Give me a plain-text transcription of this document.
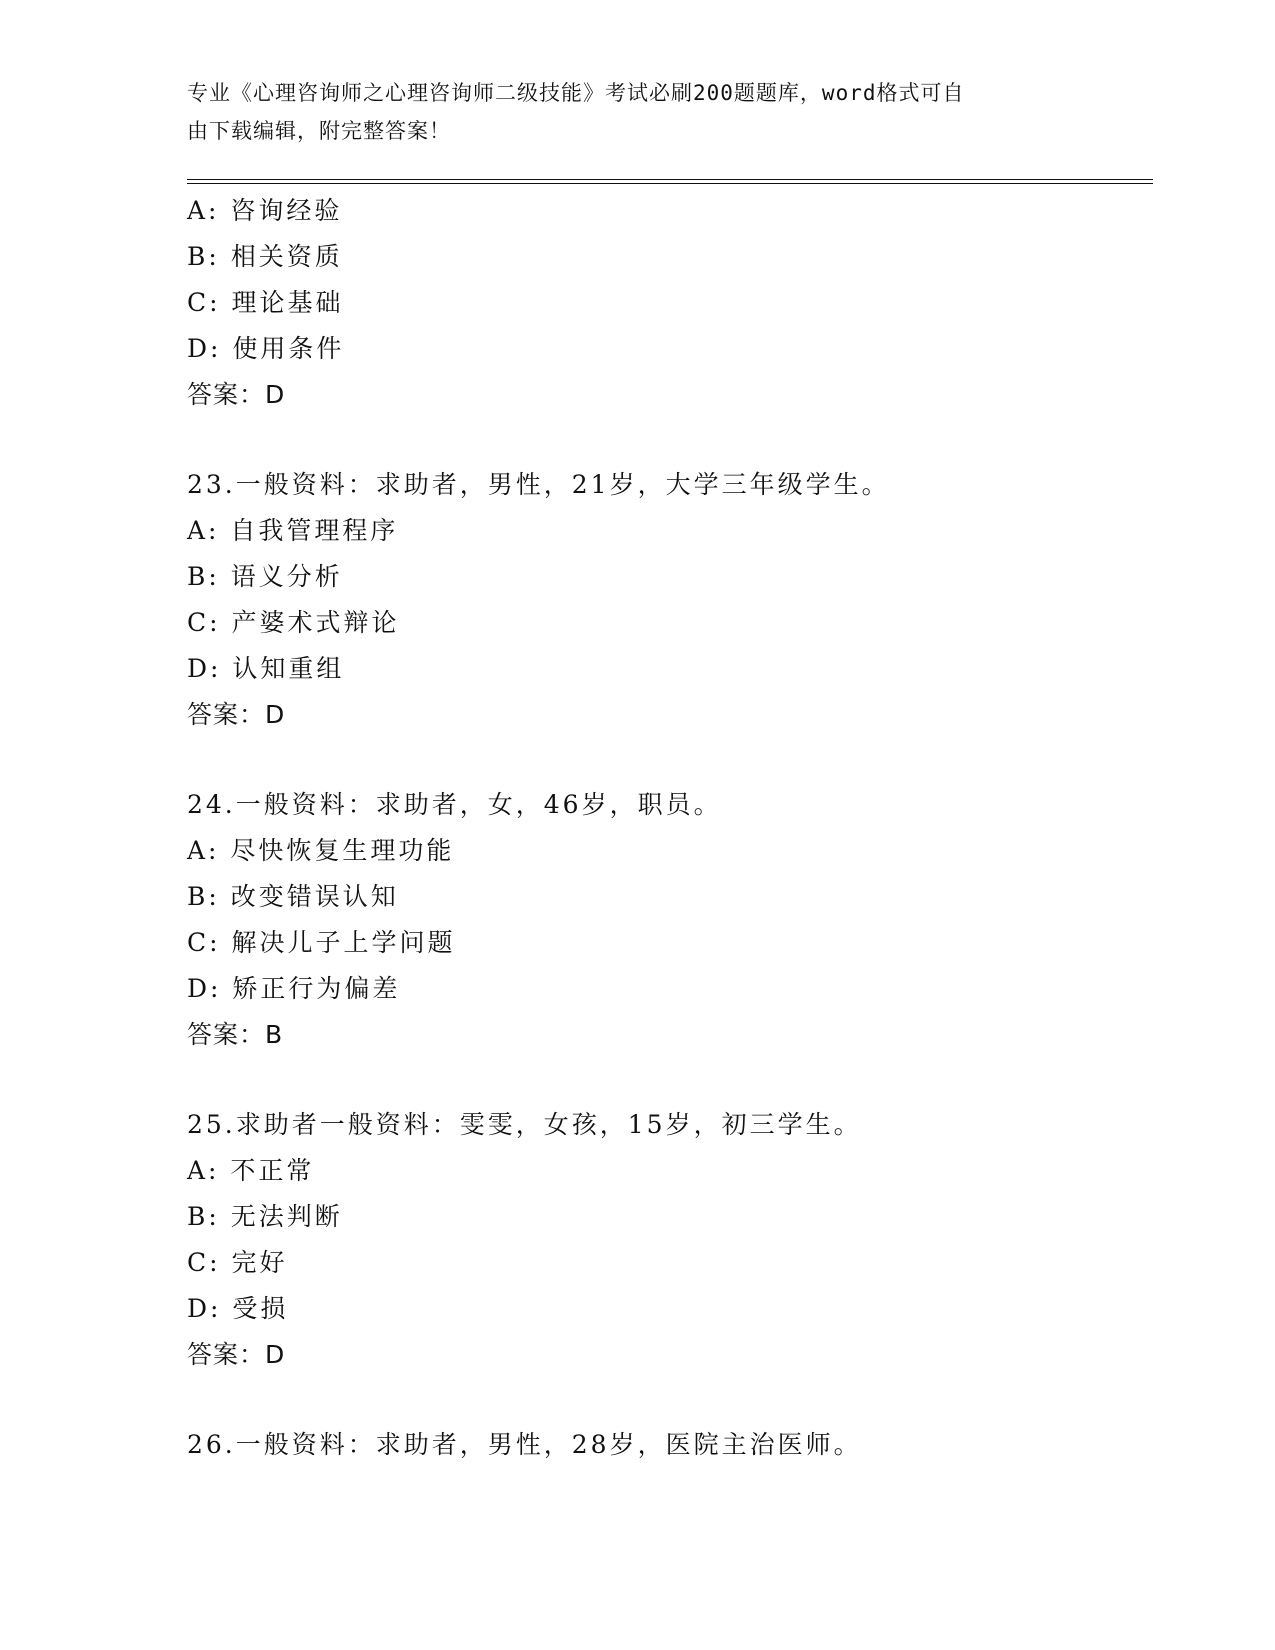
专业《心理咨询师之心理咨询师二级技能》考试必刷200题题库，word格式可自
由下载编辑，附完整答案！
A: 咨询经验
B: 相关资质
C: 理论基础
D: 使用条件
答案：D
23.一般资料：求助者，男性，21岁，大学三年级学生。
A: 自我管理程序
B: 语义分析
C: 产婆术式辩论
D: 认知重组
答案：D
24.一般资料：求助者，女，46岁，职员。
A: 尽快恢复生理功能
B: 改变错误认知
C: 解决儿子上学问题
D: 矫正行为偏差
答案：B
25.求助者一般资料：雯雯，女孩，15岁，初三学生。
A: 不正常
B: 无法判断
C: 完好
D: 受损
答案：D
26.一般资料：求助者，男性，28岁，医院主治医师。
